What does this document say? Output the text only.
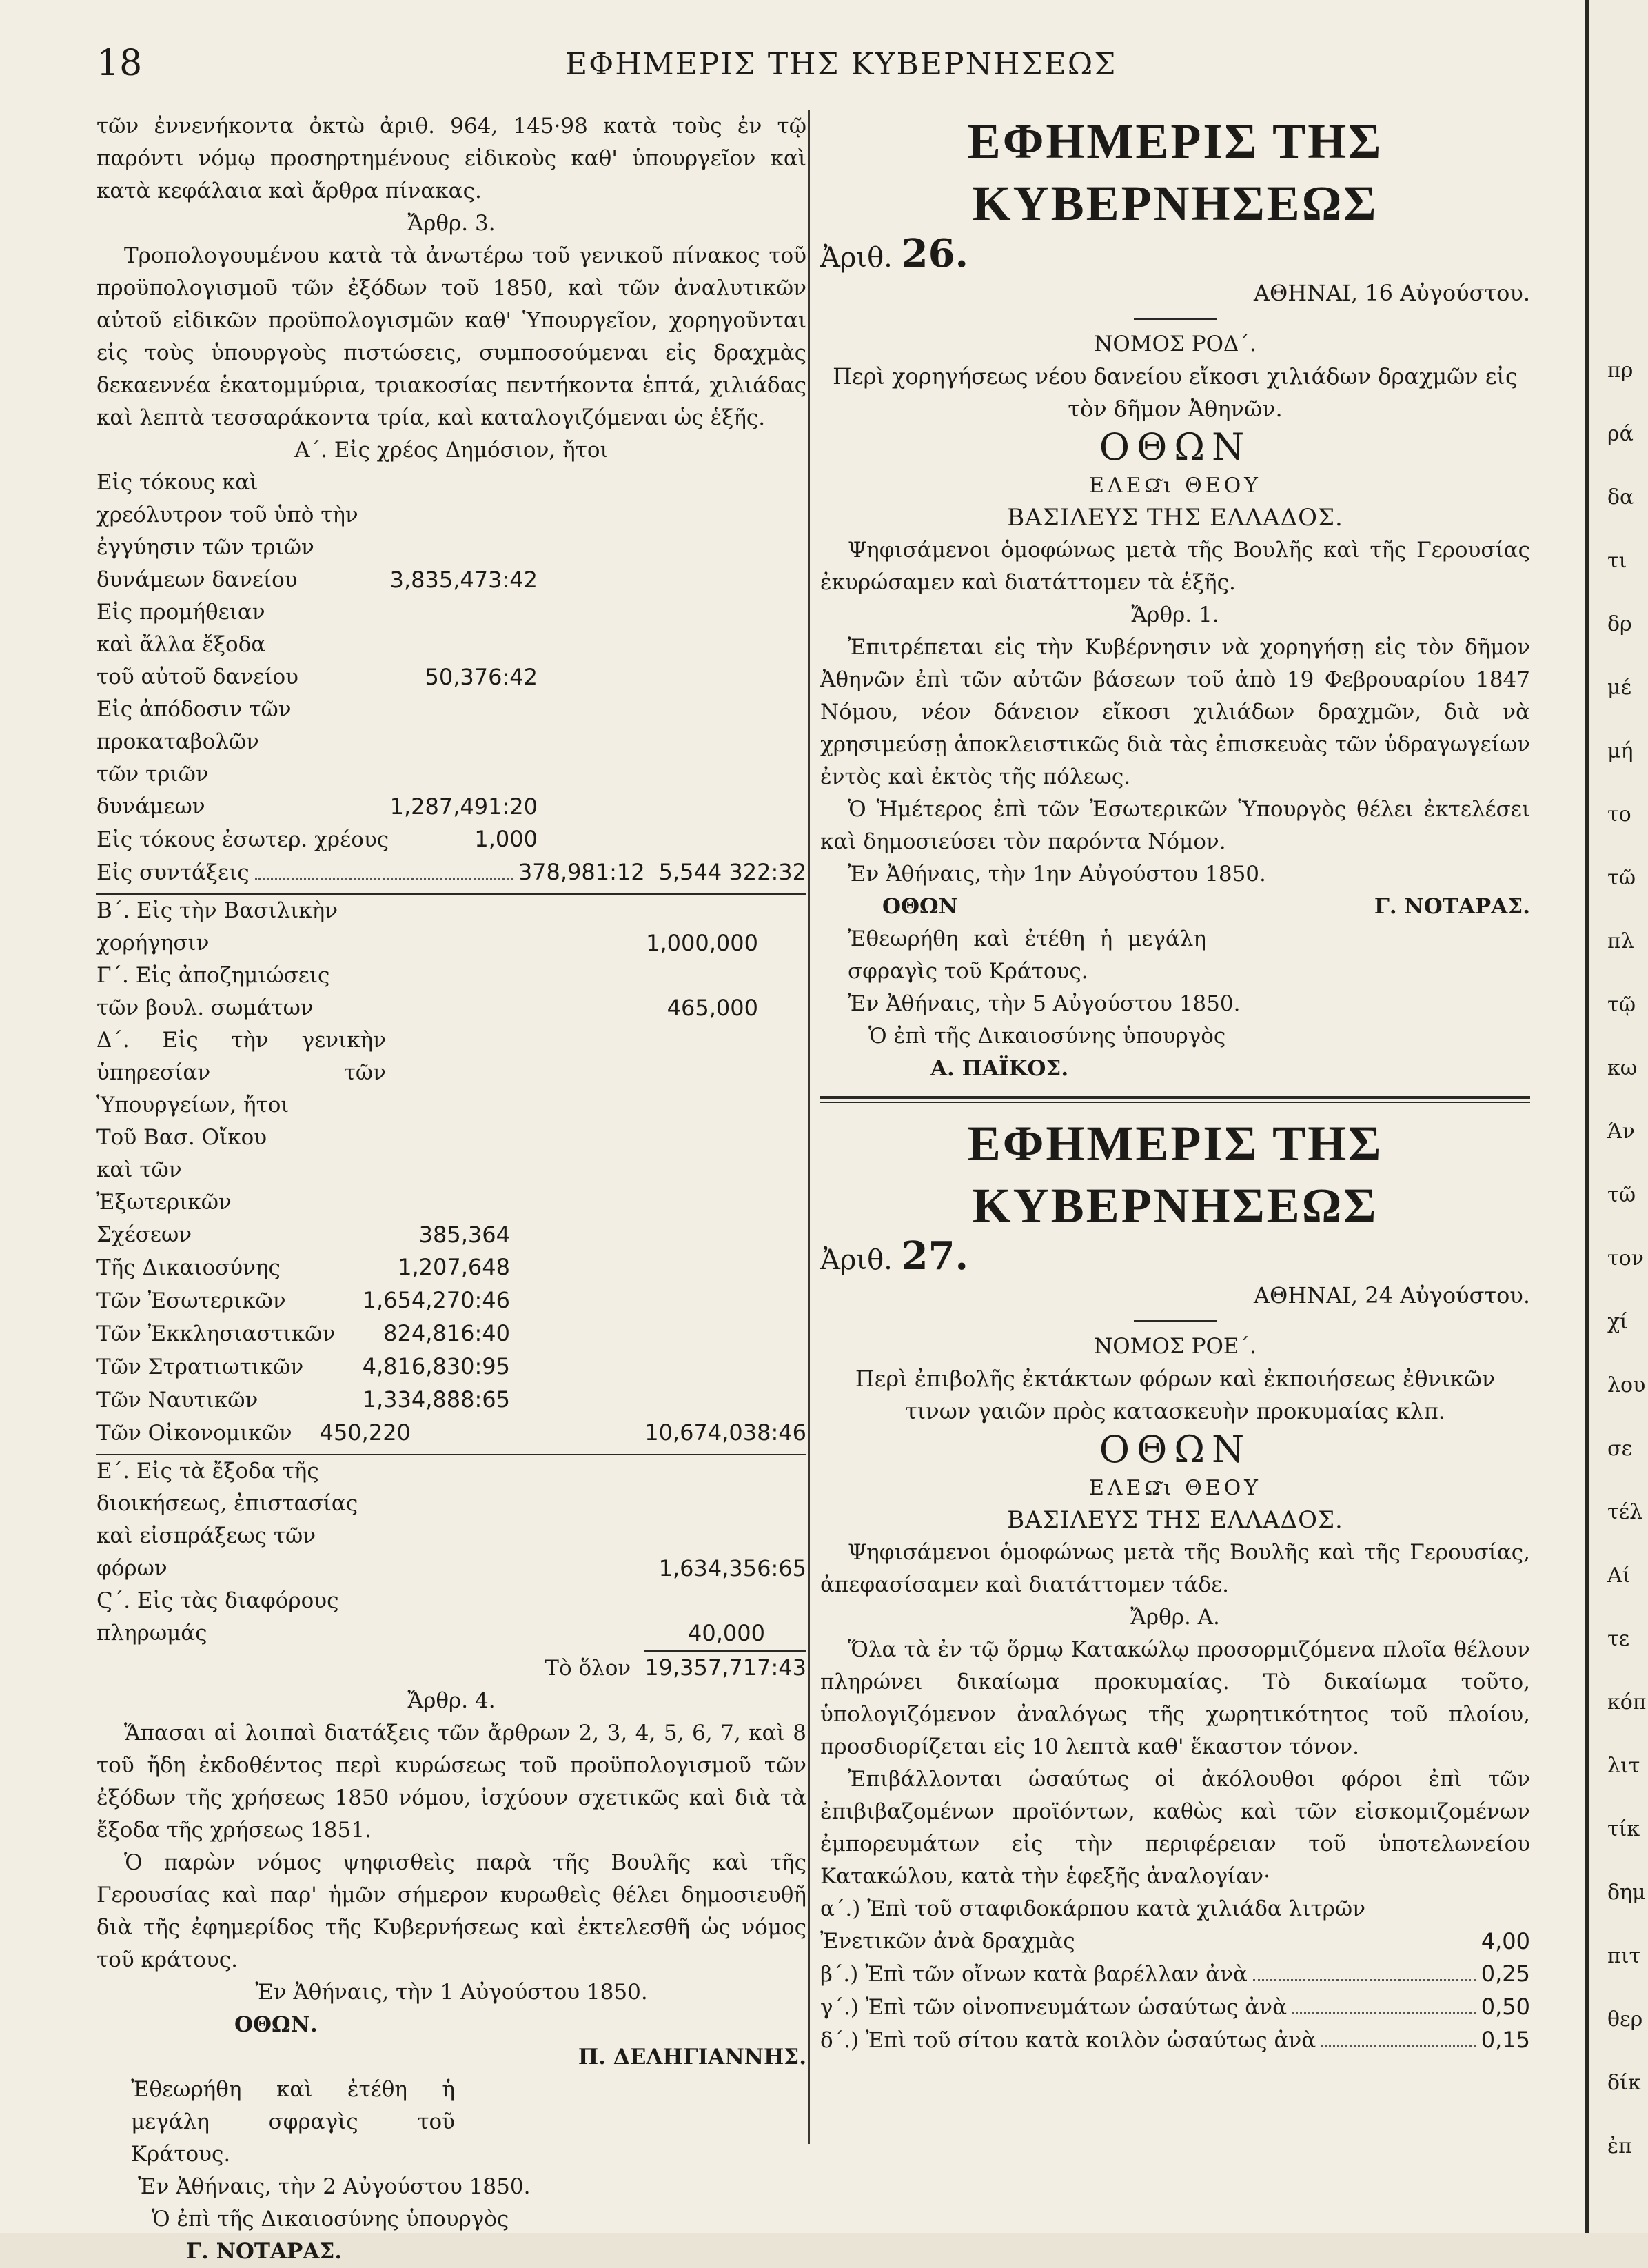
18	ΕΦΗΜΕΡΙΣ ΤΗΣ ΚΥΒΕΡΝΗΣΕΩΣ

τῶν ἐννενήκοντα ὀκτὼ ἀριθ. 964, 145·98 κατὰ τοὺς ἐν τῷ παρόντι νόμῳ προσηρτημένους εἰδικοὺς καθ' ὑπουργεῖον καὶ κατὰ κεφάλαια καὶ ἄρθρα πίνακας.

Ἄρθρ. 3.

Τροπολογουμένου κατὰ τὰ ἀνωτέρω τοῦ γενικοῦ πίνακος τοῦ προϋπολογισμοῦ τῶν ἐξόδων τοῦ 1850, καὶ τῶν ἀναλυτικῶν αὐτοῦ εἰδικῶν προϋπολογισμῶν καθ' Ὑπουργεῖον, χορηγοῦνται εἰς τοὺς ὑπουργοὺς πιστώσεις, συμποσούμεναι εἰς δραχμὰς δεκαεννέα ἑκατομμύρια, τριακοσίας πεντήκοντα ἑπτά, χιλιάδας καὶ λεπτὰ τεσσαράκοντα τρία, καὶ καταλογιζόμεναι ὡς ἑξῆς.

Α΄. Εἰς χρέος Δημόσιον, ἤτοι

Εἰς τόκους καὶ χρεόλυτρον τοῦ ὑπὸ τὴν ἐγγύησιν τῶν τριῶν δυνάμεων δανείου	3,835,473:42
Εἰς προμήθειαν καὶ ἄλλα ἔξοδα τοῦ αὐτοῦ δανείου	50,376:42
Εἰς ἀπόδοσιν τῶν προκαταβολῶν τῶν τριῶν δυνάμεων	1,287,491:20
Εἰς τόκους ἐσωτερ. χρέους	1,000
Εἰς συντάξεις	378,981:12 5,544 322:32
Β΄. Εἰς τὴν Βασιλικὴν χορήγησιν	1,000,000
Γ΄. Εἰς ἀποζημιώσεις τῶν βουλ. σωμάτων	465,000

Δ΄. Εἰς τὴν γενικὴν ὑπηρεσίαν τῶν Ὑπουργείων, ἤτοι

Τοῦ Βασ. Οἴκου καὶ τῶν Ἐξωτερικῶν Σχέσεων	385,364
Τῆς Δικαιοσύνης	1,207,648
Τῶν Ἐσωτερικῶν	1,654,270:46
Τῶν Ἐκκλησιαστικῶν 824,816:40
Τῶν Στρατιωτικῶν	4,816,830:95
Τῶν Ναυτικῶν	1,334,888:65
Τῶν Οἰκονομικῶν 450,220	10,674,038:46
Ε΄. Εἰς τὰ ἔξοδα τῆς διοικήσεως, ἐπιστασίας καὶ εἰσπράξεως τῶν φόρων	1,634,356:65
Ϛ΄. Εἰς τὰς διαφόρους πληρωμάς	40,000
Τὸ ὅλον 19,357,717:43

Ἄρθρ. 4.

Ἅπασαι αἱ λοιπαὶ διατάξεις τῶν ἄρθρων 2, 3, 4, 5, 6, 7, καὶ 8 τοῦ ἤδη ἐκδοθέντος περὶ κυρώσεως τοῦ προϋπολογισμοῦ τῶν ἐξόδων τῆς χρήσεως 1850 νόμου, ἰσχύουν σχετικῶς καὶ διὰ τὰ ἔξοδα τῆς χρήσεως 1851.

Ὁ παρὼν νόμος ψηφισθεὶς παρὰ τῆς Βουλῆς καὶ τῆς Γερουσίας καὶ παρ' ἡμῶν σήμερον κυρωθεὶς θέλει δημοσιευθῆ διὰ τῆς ἐφημερίδος τῆς Κυβερνήσεως καὶ ἐκτελεσθῆ ὡς νόμος τοῦ κράτους.

Ἐν Ἀθήναις, τὴν 1 Αὐγούστου 1850.

ΟΘΩΝ.
Π. ΔΕΛΗΓΙΑΝΝΗΣ.

Ἐθεωρήθη καὶ ἐτέθη ἡ μεγάλη σφραγὶς τοῦ Κράτους.

Ἐν Ἀθήναις, τὴν 2 Αὐγούστου 1850.

Ὁ ἐπὶ τῆς Δικαιοσύνης ὑπουργὸς

Γ. ΝΟΤΑΡΑΣ.

ΕΦΗΜΕΡΙΣ ΤΗΣ ΚΥΒΕΡΝΗΣΕΩΣ
Ἀριθ. 26.
ΑΘΗΝΑΙ, 16 Αὐγούστου.

ΝΟΜΟΣ ΡΟΔ΄.

Περὶ χορηγήσεως νέου δανείου εἴκοσι χιλιάδων δραχμῶν εἰς τὸν δῆμον Ἀθηνῶν.

ΟΘΩΝ
ΕΛΕΩ͂ι ΘΕΟΥ
ΒΑΣΙΛΕΥΣ ΤΗΣ ΕΛΛΑΔΟΣ.

Ψηφισάμενοι ὁμοφώνως μετὰ τῆς Βουλῆς καὶ τῆς Γερουσίας ἐκυρώσαμεν καὶ διατάττομεν τὰ ἑξῆς.

Ἄρθρ. 1.

Ἐπιτρέπεται εἰς τὴν Κυβέρνησιν νὰ χορηγήσῃ εἰς τὸν δῆμον Ἀθηνῶν ἐπὶ τῶν αὐτῶν βάσεων τοῦ ἀπὸ 19 Φεβρουαρίου 1847 Νόμου, νέον δάνειον εἴκοσι χιλιάδων δραχμῶν, διὰ νὰ χρησιμεύσῃ ἀποκλειστικῶς διὰ τὰς ἐπισκευὰς τῶν ὑδραγωγείων ἐντὸς καὶ ἐκτὸς τῆς πόλεως.

Ὁ Ἡμέτερος ἐπὶ τῶν Ἐσωτερικῶν Ὑπουργὸς θέλει ἐκτελέσει καὶ δημοσιεύσει τὸν παρόντα Νόμον.

Ἐν Ἀθήναις, τὴν 1ην Αὐγούστου 1850.

ΟΘΩΝ	Γ. ΝΟΤΑΡΑΣ.

Ἐθεωρήθη καὶ ἐτέθη ἡ μεγάλη σφραγὶς τοῦ Κράτους.

Ἐν Ἀθήναις, τὴν 5 Αὐγούστου 1850.

Ὁ ἐπὶ τῆς Δικαιοσύνης ὑπουργὸς

Α. ΠΑΪΚΟΣ.

ΕΦΗΜΕΡΙΣ ΤΗΣ ΚΥΒΕΡΝΗΣΕΩΣ
Ἀριθ. 27.
ΑΘΗΝΑΙ, 24 Αὐγούστου.

ΝΟΜΟΣ ΡΟΕ΄.

Περὶ ἐπιβολῆς ἐκτάκτων φόρων καὶ ἐκποιήσεως ἐθνικῶν τινων γαιῶν πρὸς κατασκευὴν προκυμαίας κλπ.

ΟΘΩΝ
ΕΛΕΩ͂ι ΘΕΟΥ
ΒΑΣΙΛΕΥΣ ΤΗΣ ΕΛΛΑΔΟΣ.

Ψηφισάμενοι ὁμοφώνως μετὰ τῆς Βουλῆς καὶ τῆς Γερουσίας, ἀπεφασίσαμεν καὶ διατάττομεν τάδε.

Ἄρθρ. Α.

Ὅλα τὰ ἐν τῷ ὅρμῳ Κατακώλῳ προσορμιζόμενα πλοῖα θέλουν πληρώνει δικαίωμα προκυμαίας. Τὸ δικαίωμα τοῦτο, ὑπολογιζόμενον ἀναλόγως τῆς χωρητικότητος τοῦ πλοίου, προσδιορίζεται εἰς 10 λεπτὰ καθ' ἕκαστον τόνον.

Ἐπιβάλλονται ὡσαύτως οἱ ἀκόλουθοι φόροι ἐπὶ τῶν ἐπιβιβαζομένων προϊόντων, καθὼς καὶ τῶν εἰσκομιζομένων ἐμπορευμάτων εἰς τὴν περιφέρειαν τοῦ ὑποτελωνείου Κατακώλου, κατὰ τὴν ἑφεξῆς ἀναλογίαν·

α΄.) Ἐπὶ τοῦ σταφιδοκάρπου κατὰ χιλιάδα λιτρῶν Ἐνετικῶν ἀνὰ δραχμὰς	4,00
β΄.) Ἐπὶ τῶν οἴνων κατὰ βαρέλλαν ἀνὰ	0,25
γ΄.) Ἐπὶ τῶν οἰνοπνευμάτων ὡσαύτως ἀνὰ	0,50
δ΄.) Ἐπὶ τοῦ σίτου κατὰ κοιλὸν ὡσαύτως ἀνὰ	0,15
πρ
ρά
δα
τι
δρ
μέ
μή
το
τῶ
πλ
τῷ
κω
Άν
τῶ
τον
χί
λου
σε
τέλ
Αί
τε
κόπ
λιτ
τίκ
δημ
πιτ
θερ
δίκ
ἐπ
